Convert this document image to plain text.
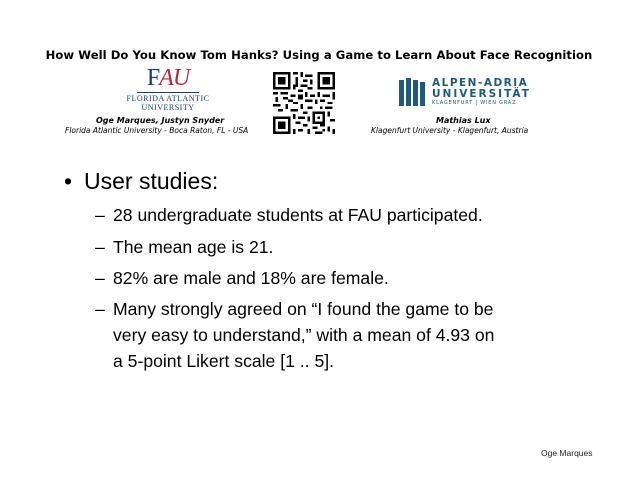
How Well Do You Know Tom Hanks? Using a Game to Learn About Face Recognition
FAU
FLORIDA ATLANTIC
UNIVERSITY
Oge Marques, Justyn Snyder
Florida Atlantic University - Boca Raton, FL - USA
ALPEN-ADRIA
UNIVERSITÄT
KLAGENFURT | WIEN GRAZ
Mathias Lux
Klagenfurt University - Klagenfurt, Austria
• User studies:
– 28 undergraduate students at FAU participated.
– The mean age is 21.
– 82% are male and 18% are female.
– Many strongly agreed on “I found the game to be
very easy to understand,” with a mean of 4.93 on
a 5-point Likert scale [1 .. 5].
Oge Marques
